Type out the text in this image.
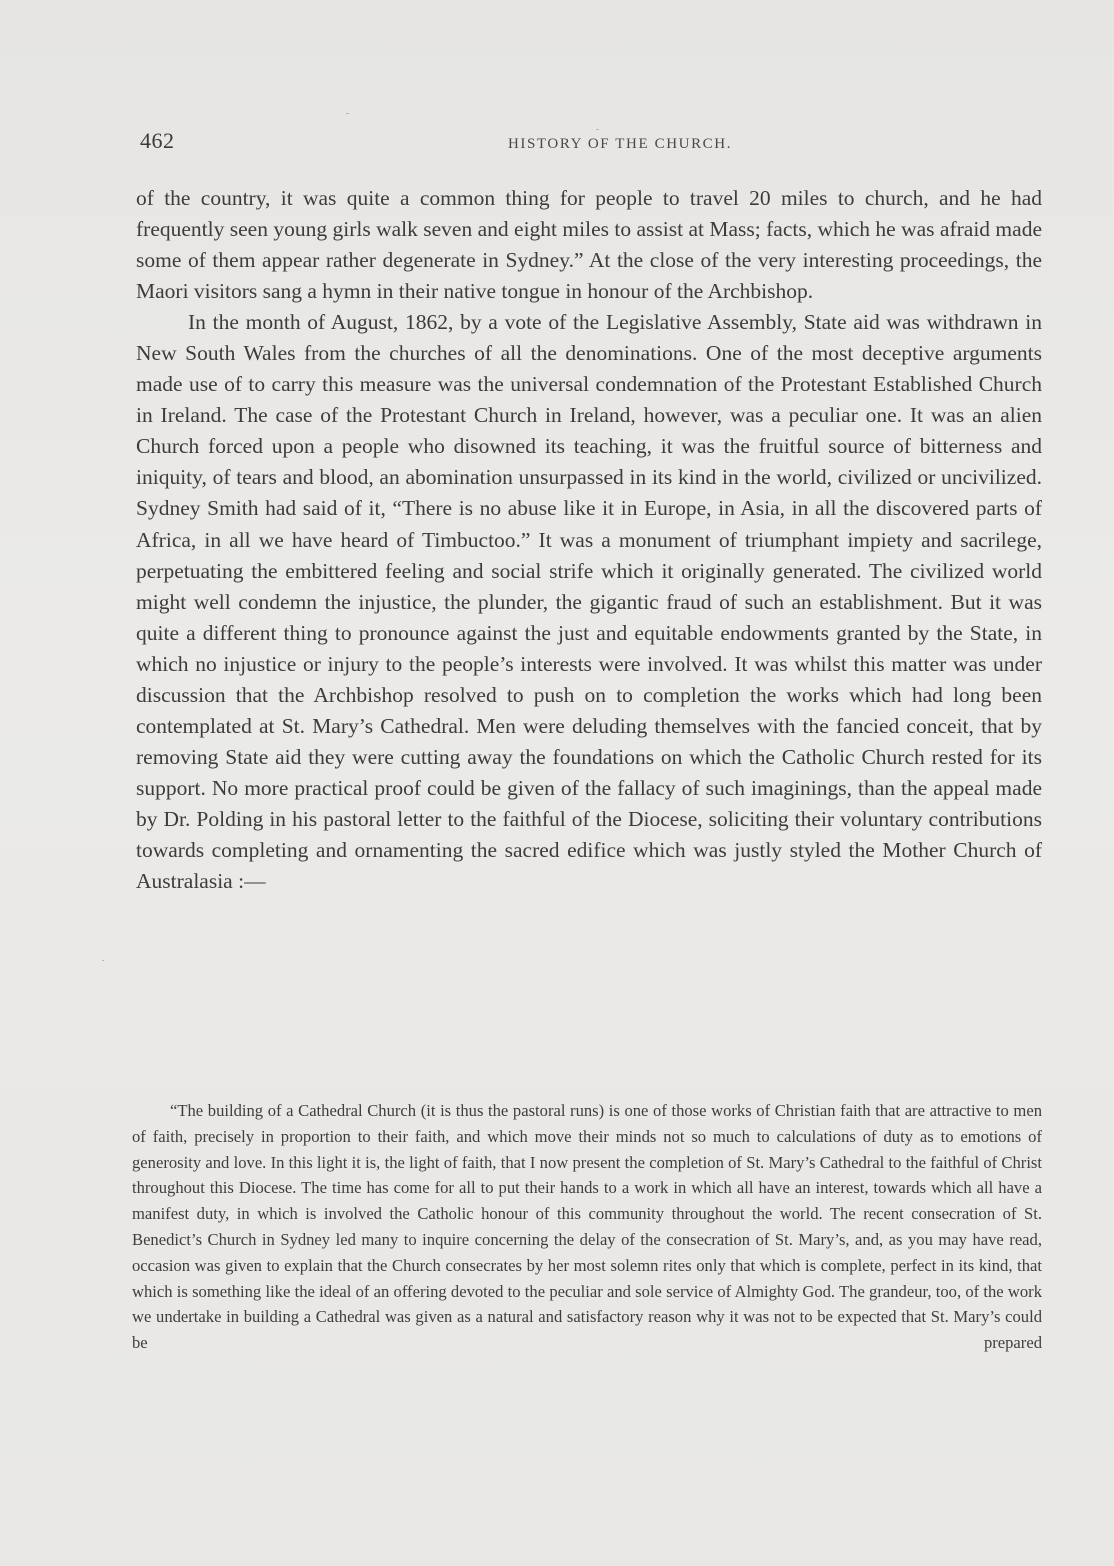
462	HISTORY OF THE CHURCH.

of the country, it was quite a common thing for people to travel 20 miles to church, and he had frequently seen young girls walk seven and eight miles to assist at Mass; facts, which he was afraid made some of them appear rather degenerate in Sydney.” At the close of the very interesting proceedings, the Maori visitors sang a hymn in their native tongue in honour of the Archbishop.

In the month of August, 1862, by a vote of the Legislative Assembly, State aid was withdrawn in New South Wales from the churches of all the denominations. One of the most deceptive arguments made use of to carry this measure was the universal condemnation of the Protestant Established Church in Ireland. The case of the Protestant Church in Ireland, however, was a peculiar one. It was an alien Church forced upon a people who disowned its teaching, it was the fruitful source of bitterness and iniquity, of tears and blood, an abomination unsurpassed in its kind in the world, civilized or uncivilized. Sydney Smith had said of it, “There is no abuse like it in Europe, in Asia, in all the discovered parts of Africa, in all we have heard of Timbuctoo.” It was a monument of triumphant impiety and sacrilege, perpetuating the embittered feeling and social strife which it originally generated. The civilized world might well condemn the injustice, the plunder, the gigantic fraud of such an establishment. But it was quite a different thing to pronounce against the just and equitable endowments granted by the State, in which no injustice or injury to the people’s interests were involved. It was whilst this matter was under discussion that the Archbishop resolved to push on to completion the works which had long been contemplated at St. Mary’s Cathedral. Men were deluding themselves with the fancied conceit, that by removing State aid they were cutting away the foundations on which the Catholic Church rested for its support. No more practical proof could be given of the fallacy of such imaginings, than the appeal made by Dr. Polding in his pastoral letter to the faithful of the Diocese, soliciting their voluntary contributions towards completing and ornamenting the sacred edifice which was justly styled the Mother Church of Australasia :—

“The building of a Cathedral Church (it is thus the pastoral runs) is one of those works of Christian faith that are attractive to men of faith, precisely in proportion to their faith, and which move their minds not so much to calculations of duty as to emotions of generosity and love. In this light it is, the light of faith, that I now present the completion of St. Mary’s Cathedral to the faithful of Christ throughout this Diocese. The time has come for all to put their hands to a work in which all have an interest, towards which all have a manifest duty, in which is involved the Catholic honour of this community throughout the world. The recent consecration of St. Benedict’s Church in Sydney led many to inquire concerning the delay of the consecration of St. Mary’s, and, as you may have read, occasion was given to explain that the Church consecrates by her most solemn rites only that which is complete, perfect in its kind, that which is something like the ideal of an offering devoted to the peculiar and sole service of Almighty God. The grandeur, too, of the work we undertake in building a Cathedral was given as a natural and satisfactory reason why it was not to be expected that St. Mary’s could be prepared
